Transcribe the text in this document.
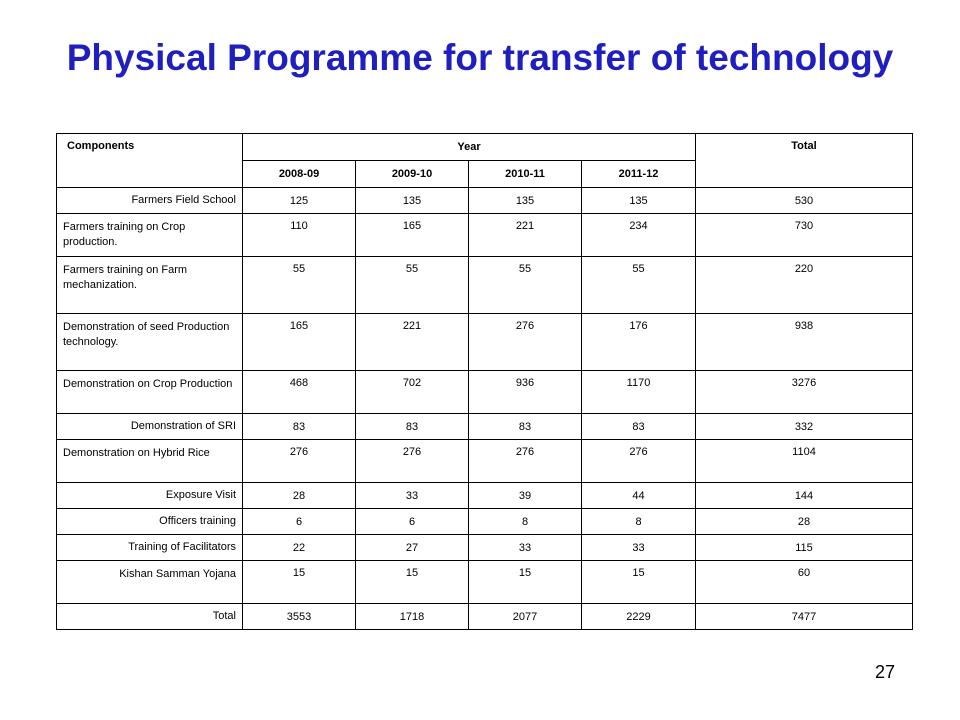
Physical Programme for transfer of technology
Components	Year				Total
	2008-09	2009-10	2010-11	2011-12	
Farmers Field School	125	135	135	135	530
Farmers training on Crop production.	110	165	221	234	730
Farmers training on Farm mechanization.	55	55	55	55	220
Demonstration of seed Production technology.	165	221	276	176	938
Demonstration on Crop Production	468	702	936	1170	3276
Demonstration of SRI	83	83	83	83	332
Demonstration on Hybrid Rice	276	276	276	276	1104
Exposure Visit	28	33	39	44	144
Officers training	6	6	8	8	28
Training of Facilitators	22	27	33	33	115
Kishan Samman Yojana	15	15	15	15	60
Total	3553	1718	2077	2229	7477
27
